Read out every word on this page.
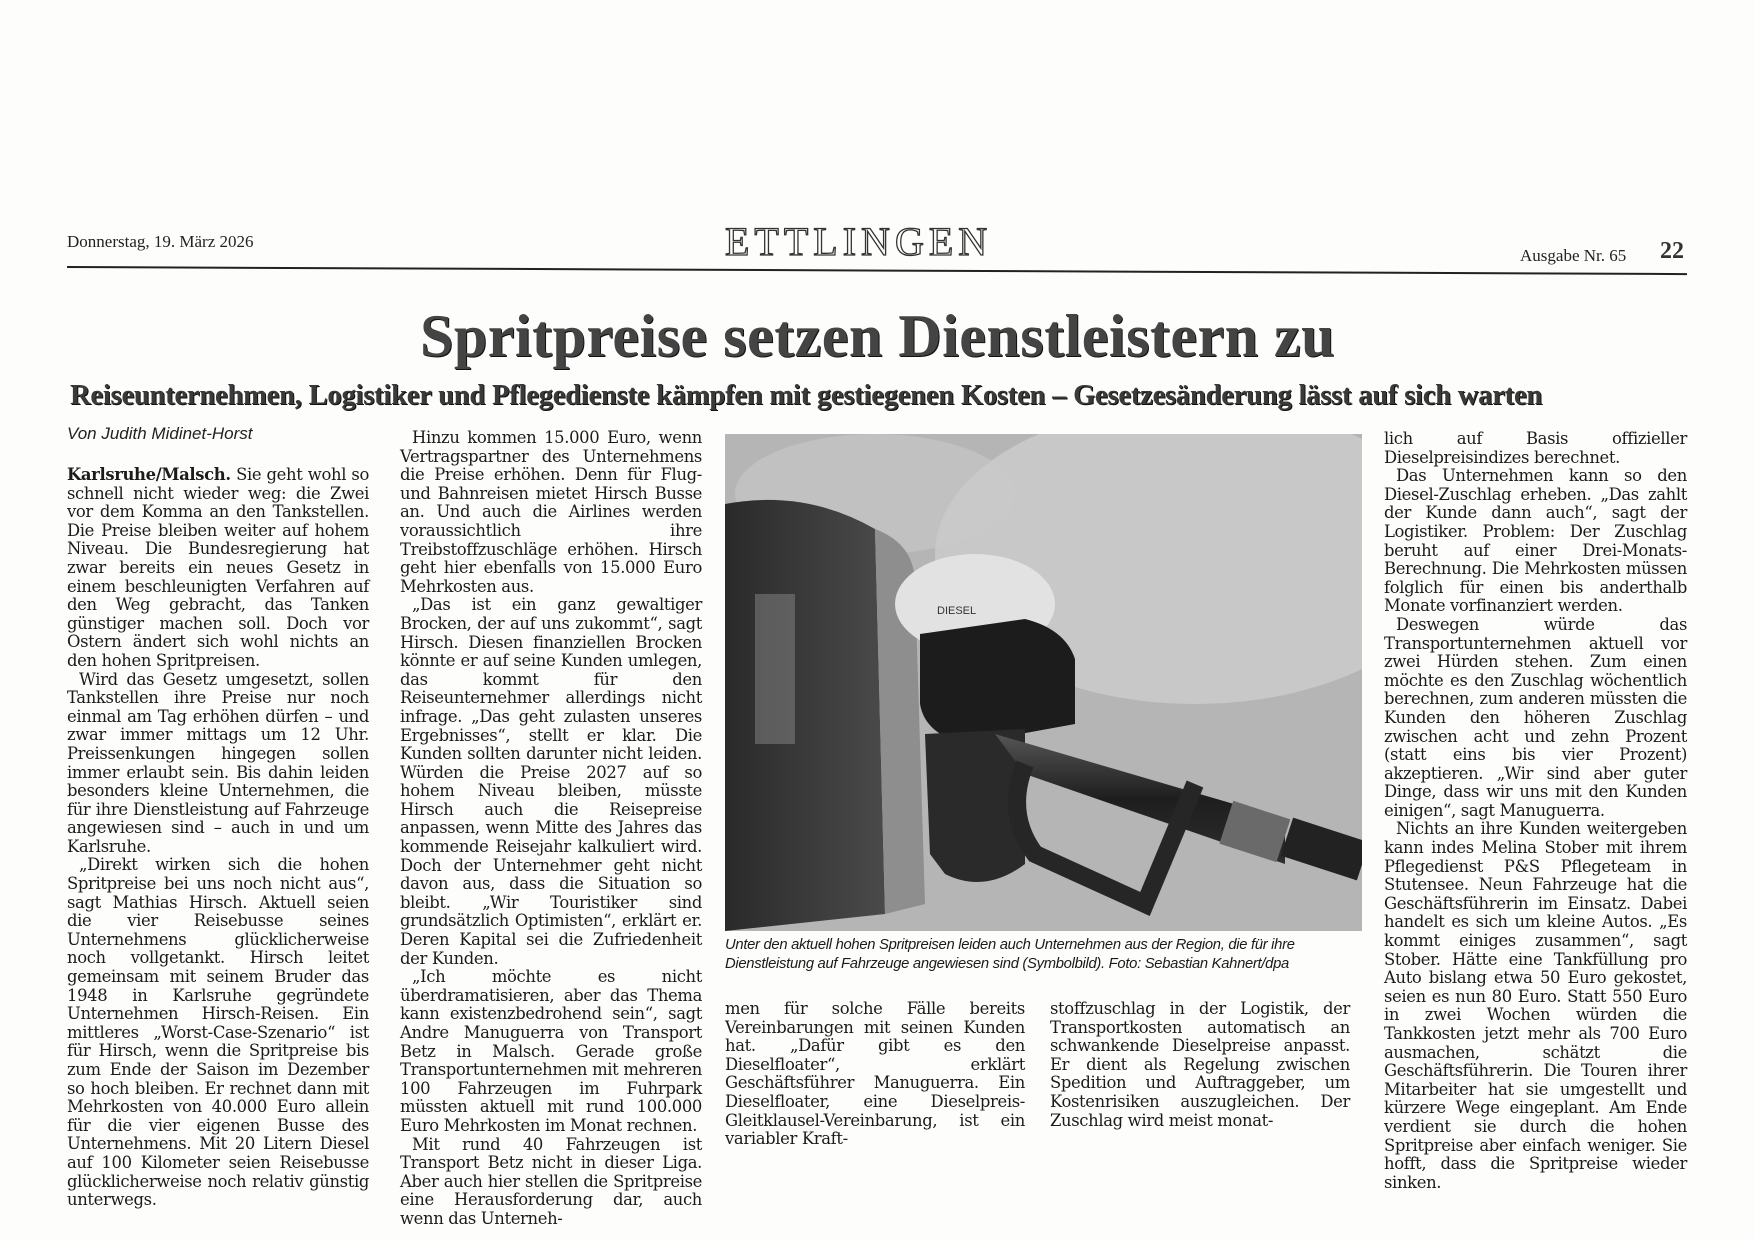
Donnerstag, 19. März 2026	ETTLINGEN	Ausgabe Nr. 65 22
Spritpreise setzen Dienstleistern zu
Reiseunternehmen, Logistiker und Pflegedienste kämpfen mit gestiegenen Kosten – Gesetzesänderung lässt auf sich warten
Von Judith Midinet-Horst

Karlsruhe/Malsch. Sie geht wohl so schnell nicht wieder weg: die Zwei vor dem Komma an den Tankstellen. Die Preise bleiben weiter auf hohem Niveau. Die Bundesregierung hat zwar bereits ein neues Gesetz in einem beschleunigten Verfahren auf den Weg gebracht, das Tanken günstiger machen soll. Doch vor Ostern ändert sich wohl nichts an den hohen Spritpreisen.

Wird das Gesetz umgesetzt, sollen Tankstellen ihre Preise nur noch einmal am Tag erhöhen dürfen – und zwar immer mittags um 12 Uhr. Preissenkungen hingegen sollen immer erlaubt sein. Bis dahin leiden besonders kleine Unternehmen, die für ihre Dienstleistung auf Fahrzeuge angewiesen sind – auch in und um Karlsruhe.

„Direkt wirken sich die hohen Spritpreise bei uns noch nicht aus“, sagt Mathias Hirsch. Aktuell seien die vier Reisebusse seines Unternehmens glücklicherweise noch vollgetankt. Hirsch leitet gemeinsam mit seinem Bruder das 1948 in Karlsruhe gegründete Unternehmen Hirsch-Reisen. Ein mittleres „Worst-Case-Szenario“ ist für Hirsch, wenn die Spritpreise bis zum Ende der Saison im Dezember so hoch bleiben. Er rechnet dann mit Mehrkosten von 40.000 Euro allein für die vier eigenen Busse des Unternehmens. Mit 20 Litern Diesel auf 100 Kilometer seien Reisebusse glücklicherweise noch relativ günstig unterwegs.

Hinzu kommen 15.000 Euro, wenn Vertragspartner des Unternehmens die Preise erhöhen. Denn für Flug- und Bahnreisen mietet Hirsch Busse an. Und auch die Airlines werden voraussichtlich ihre Treibstoffzuschläge erhöhen. Hirsch geht hier ebenfalls von 15.000 Euro Mehrkosten aus.

„Das ist ein ganz gewaltiger Brocken, der auf uns zukommt“, sagt Hirsch. Diesen finanziellen Brocken könnte er auf seine Kunden umlegen, das kommt für den Reiseunternehmer allerdings nicht infrage. „Das geht zulasten unseres Ergebnisses“, stellt er klar. Die Kunden sollten darunter nicht leiden. Würden die Preise 2027 auf so hohem Niveau bleiben, müsste Hirsch auch die Reisepreise anpassen, wenn Mitte des Jahres das kommende Reisejahr kalkuliert wird. Doch der Unternehmer geht nicht davon aus, dass die Situation so bleibt. „Wir Touristiker sind grundsätzlich Optimisten“, erklärt er. Deren Kapital sei die Zufriedenheit der Kunden.

„Ich möchte es nicht überdramatisieren, aber das Thema kann existenzbedrohend sein“, sagt Andre Manuguerra von Transport Betz in Malsch. Gerade große Transportunternehmen mit mehreren 100 Fahrzeugen im Fuhrpark müssten aktuell mit rund 100.000 Euro Mehrkosten im Monat rechnen.

Mit rund 40 Fahrzeugen ist Transport Betz nicht in dieser Liga. Aber auch hier stellen die Spritpreise eine Herausforderung dar, auch wenn das Unterneh-

DIESEL
Unter den aktuell hohen Spritpreisen leiden auch Unternehmen aus der Region, die für ihre Dienstleistung auf Fahrzeuge angewiesen sind (Symbolbild). Foto: Sebastian Kahnert/dpa

men für solche Fälle bereits Vereinbarungen mit seinen Kunden hat. „Dafür gibt es den Dieselfloater“, erklärt Geschäftsführer Manuguerra. Ein Dieselfloater, eine Dieselpreis-Gleitklausel-Vereinbarung, ist ein variabler Kraft-

stoffzuschlag in der Logistik, der Transportkosten automatisch an schwankende Dieselpreise anpasst. Er dient als Regelung zwischen Spedition und Auftraggeber, um Kostenrisiken auszugleichen. Der Zuschlag wird meist monat-

lich auf Basis offizieller Dieselpreisindizes berechnet.

Das Unternehmen kann so den Diesel-Zuschlag erheben. „Das zahlt der Kunde dann auch“, sagt der Logistiker. Problem: Der Zuschlag beruht auf einer Drei-Monats-Berechnung. Die Mehrkosten müssen folglich für einen bis anderthalb Monate vorfinanziert werden.

Deswegen würde das Transportunternehmen aktuell vor zwei Hürden stehen. Zum einen möchte es den Zuschlag wöchentlich berechnen, zum anderen müssten die Kunden den höheren Zuschlag zwischen acht und zehn Prozent (statt eins bis vier Prozent) akzeptieren. „Wir sind aber guter Dinge, dass wir uns mit den Kunden einigen“, sagt Manuguerra.

Nichts an ihre Kunden weitergeben kann indes Melina Stober mit ihrem Pflegedienst P&S Pflegeteam in Stutensee. Neun Fahrzeuge hat die Geschäftsführerin im Einsatz. Dabei handelt es sich um kleine Autos. „Es kommt einiges zusammen“, sagt Stober. Hätte eine Tankfüllung pro Auto bislang etwa 50 Euro gekostet, seien es nun 80 Euro. Statt 550 Euro in zwei Wochen würden die Tankkosten jetzt mehr als 700 Euro ausmachen, schätzt die Geschäftsführerin. Die Touren ihrer Mitarbeiter hat sie umgestellt und kürzere Wege eingeplant. Am Ende verdient sie durch die hohen Spritpreise aber einfach weniger. Sie hofft, dass die Spritpreise wieder sinken.
